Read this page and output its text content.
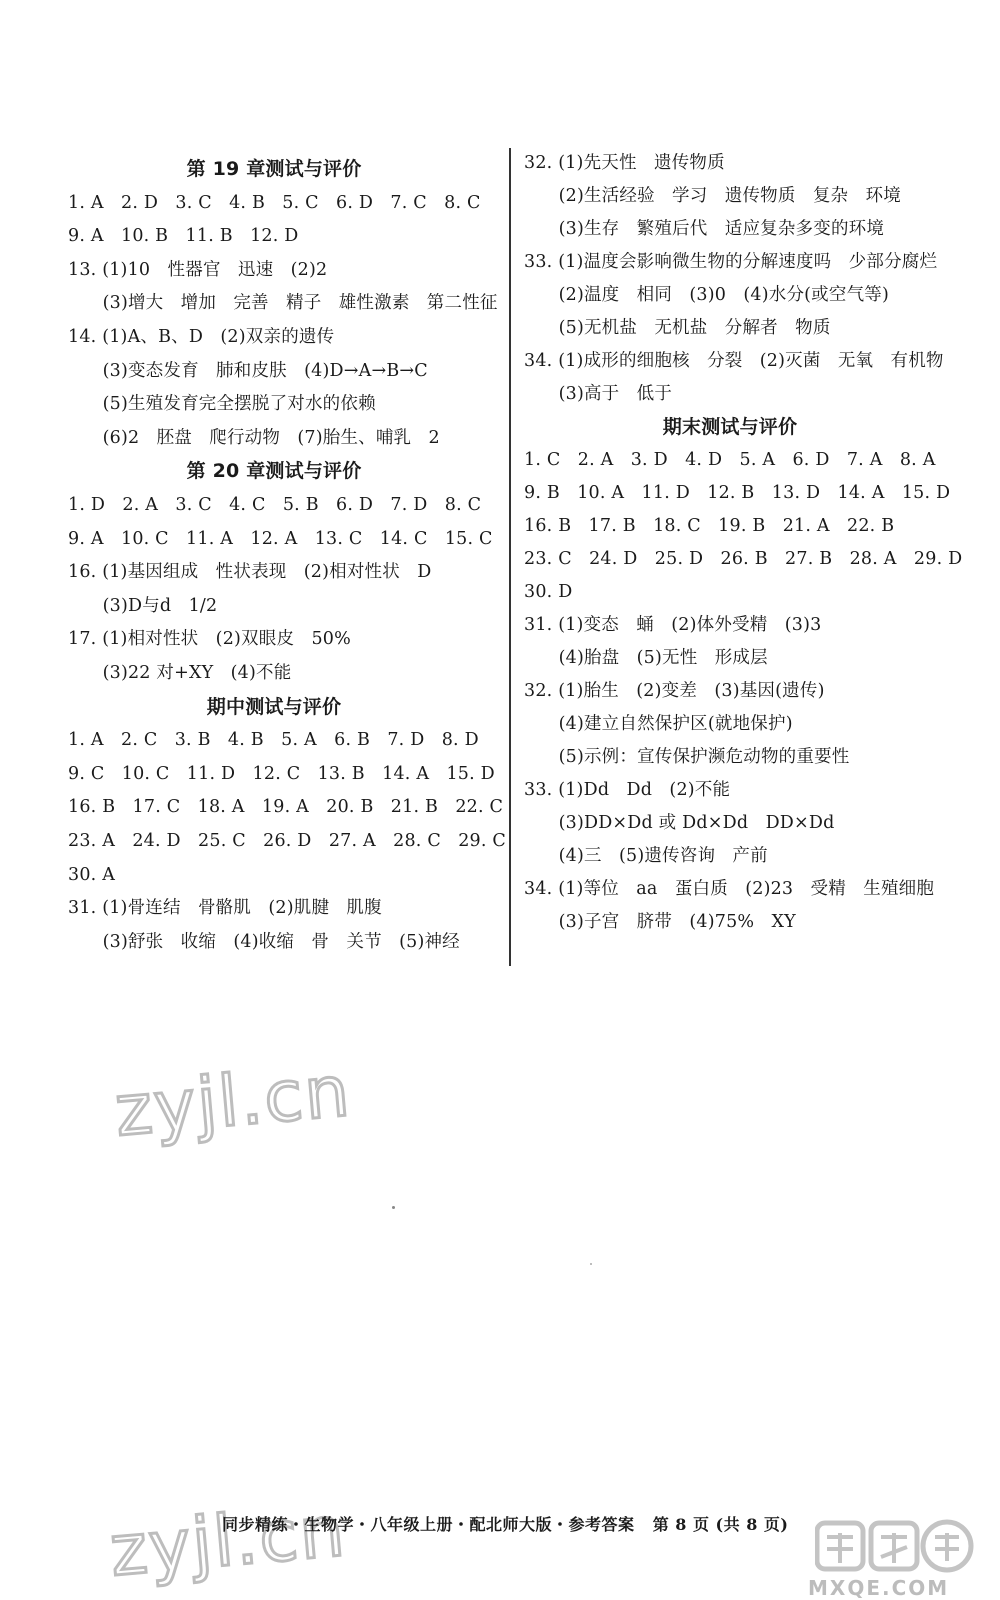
第 19 章测试与评价
1. A   2. D   3. C   4. B   5. C   6. D   7. C   8. C
9. A   10. B   11. B   12. D
13. (1)10   性器官   迅速   (2)2
(3)增大   增加   完善   精子   雄性激素   第二性征
14. (1)A、B、D   (2)双亲的遗传
(3)变态发育   肺和皮肤   (4)D→A→B→C
(5)生殖发育完全摆脱了对水的依赖
(6)2   胚盘   爬行动物   (7)胎生、哺乳   2
第 20 章测试与评价
1. D   2. A   3. C   4. C   5. B   6. D   7. D   8. C
9. A   10. C   11. A   12. A   13. C   14. C   15. C
16. (1)基因组成   性状表现   (2)相对性状   D
(3)D与d   1/2
17. (1)相对性状   (2)双眼皮   50%
(3)22 对+XY   (4)不能
期中测试与评价
1. A   2. C   3. B   4. B   5. A   6. B   7. D   8. D
9. C   10. C   11. D   12. C   13. B   14. A   15. D
16. B   17. C   18. A   19. A   20. B   21. B   22. C
23. A   24. D   25. C   26. D   27. A   28. C   29. C
30. A
31. (1)骨连结   骨骼肌   (2)肌腱   肌腹
(3)舒张   收缩   (4)收缩   骨   关节   (5)神经
32. (1)先天性   遗传物质
(2)生活经验   学习   遗传物质   复杂   环境
(3)生存   繁殖后代   适应复杂多变的环境
33. (1)温度会影响微生物的分解速度吗   少部分腐烂
(2)温度   相同   (3)0   (4)水分(或空气等)
(5)无机盐   无机盐   分解者   物质
34. (1)成形的细胞核   分裂   (2)灭菌   无氧   有机物
(3)高于   低于
期末测试与评价
1. C   2. A   3. D   4. D   5. A   6. D   7. A   8. A
9. B   10. A   11. D   12. B   13. D   14. A   15. D
16. B   17. B   18. C   19. B   21. A   22. B
23. C   24. D   25. D   26. B   27. B   28. A   29. D
30. D
31. (1)变态   蛹   (2)体外受精   (3)3
(4)胎盘   (5)无性   形成层
32. (1)胎生   (2)变差   (3)基因(遗传)
(4)建立自然保护区(就地保护)
(5)示例：宣传保护濒危动物的重要性
33. (1)Dd   Dd   (2)不能
(3)DD×Dd 或 Dd×Dd   DD×Dd
(4)三   (5)遗传咨询   产前
34. (1)等位   aa   蛋白质   (2)23   受精   生殖细胞
(3)子宫   脐带   (4)75%   XY
zyjl.cn
zyjl.cn
同步精练・生物学・八年级上册・配北师大版・参考答案   第 8 页 (共 8 页)
MXQE.COM
